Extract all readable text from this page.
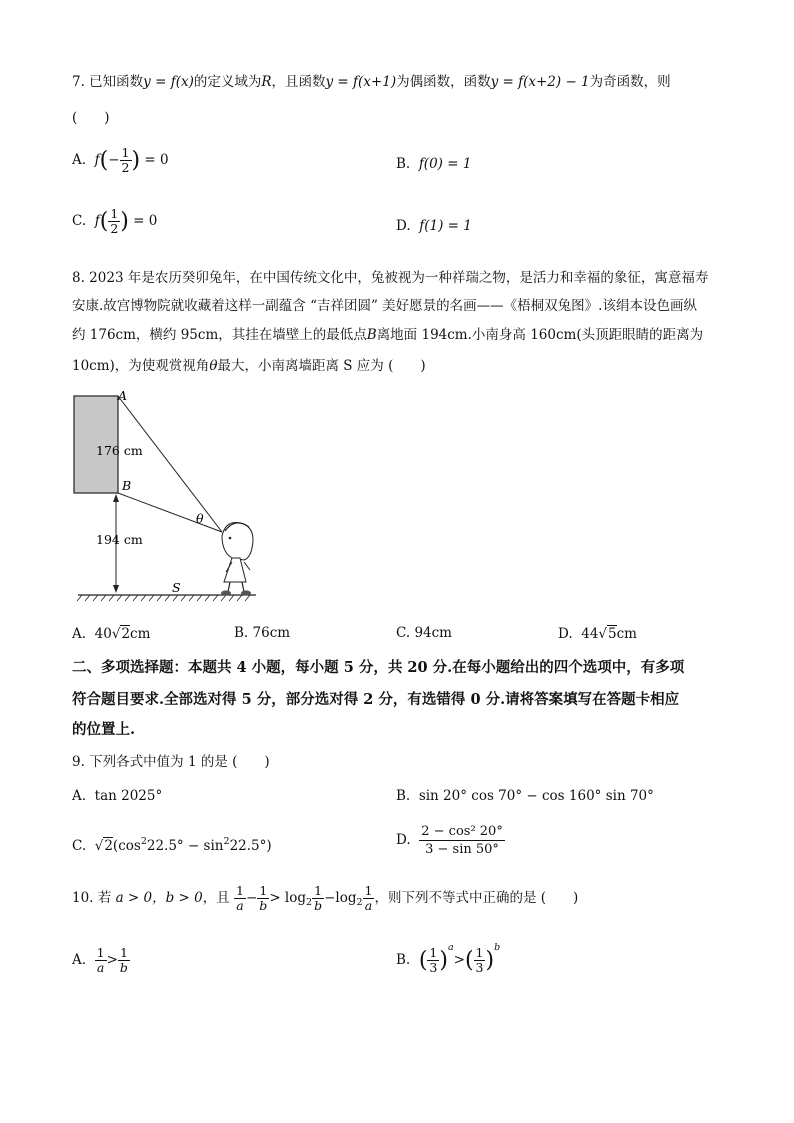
7. 已知函数y = f(x)的定义域为R，且函数y = f(x+1)为偶函数，函数y = f(x+2) − 1为奇函数，则
(　　)
A. $f(- \frac{1}{2}$ ) = 0	B. f(0) = 1
C. $f( \frac{1}{2}$ ) = 0	D. f(1) = 1
8. 2023 年是农历癸卯兔年，在中国传统文化中，兔被视为一种祥瑞之物，是活力和幸福的象征，寓意福寿
安康.故宫博物院就收藏着这样一副蕴含 “吉祥团圆” 美好愿景的名画——《梧桐双兔图》.该绢本设色画纵
约 176cm，横约 95cm，其挂在墙壁上的最低点B离地面 194cm.小南身高 160cm(头顶距眼睛的距离为
10cm)，为使观赏视角θ最大，小南离墙距离 S 应为 (　　)
A
B
176 cm
194 cm
S
θ
A. 40√2cm	B. 76cm	C. 94cm	D. 44√5cm
二、多项选择题：本题共 4 小题，每小题 5 分，共 20 分.在每小题给出的四个选项中，有多项
符合题目要求.全部选对得 5 分，部分选对得 2 分，有选错得 0 分.请将答案填写在答题卡相应
的位置上.
9. 下列各式中值为 1 的是 (　　)
A. tan 2025°	B. sin 20° cos 70° − cos 160° sin 70°
C.  $√2(\cos^222.5^\circ - \sin^222.5^\circ)$	D. $\frac{\text{2 − cos² 20°}}{3 - \sin 50^\circ}$
10. 若 a > 0，b > 0，且 $\frac{1}{a} - \frac{1}{b} > \log_2 \frac{1}{b} -\log_2 \frac{1}{a}$ ，则下列不等式中正确的是 (　　)
A. $\frac{1}{a} > \frac{1}{b}$	B. ( $\frac{1}{3} )^a>( \frac{1}{3} )^b$
